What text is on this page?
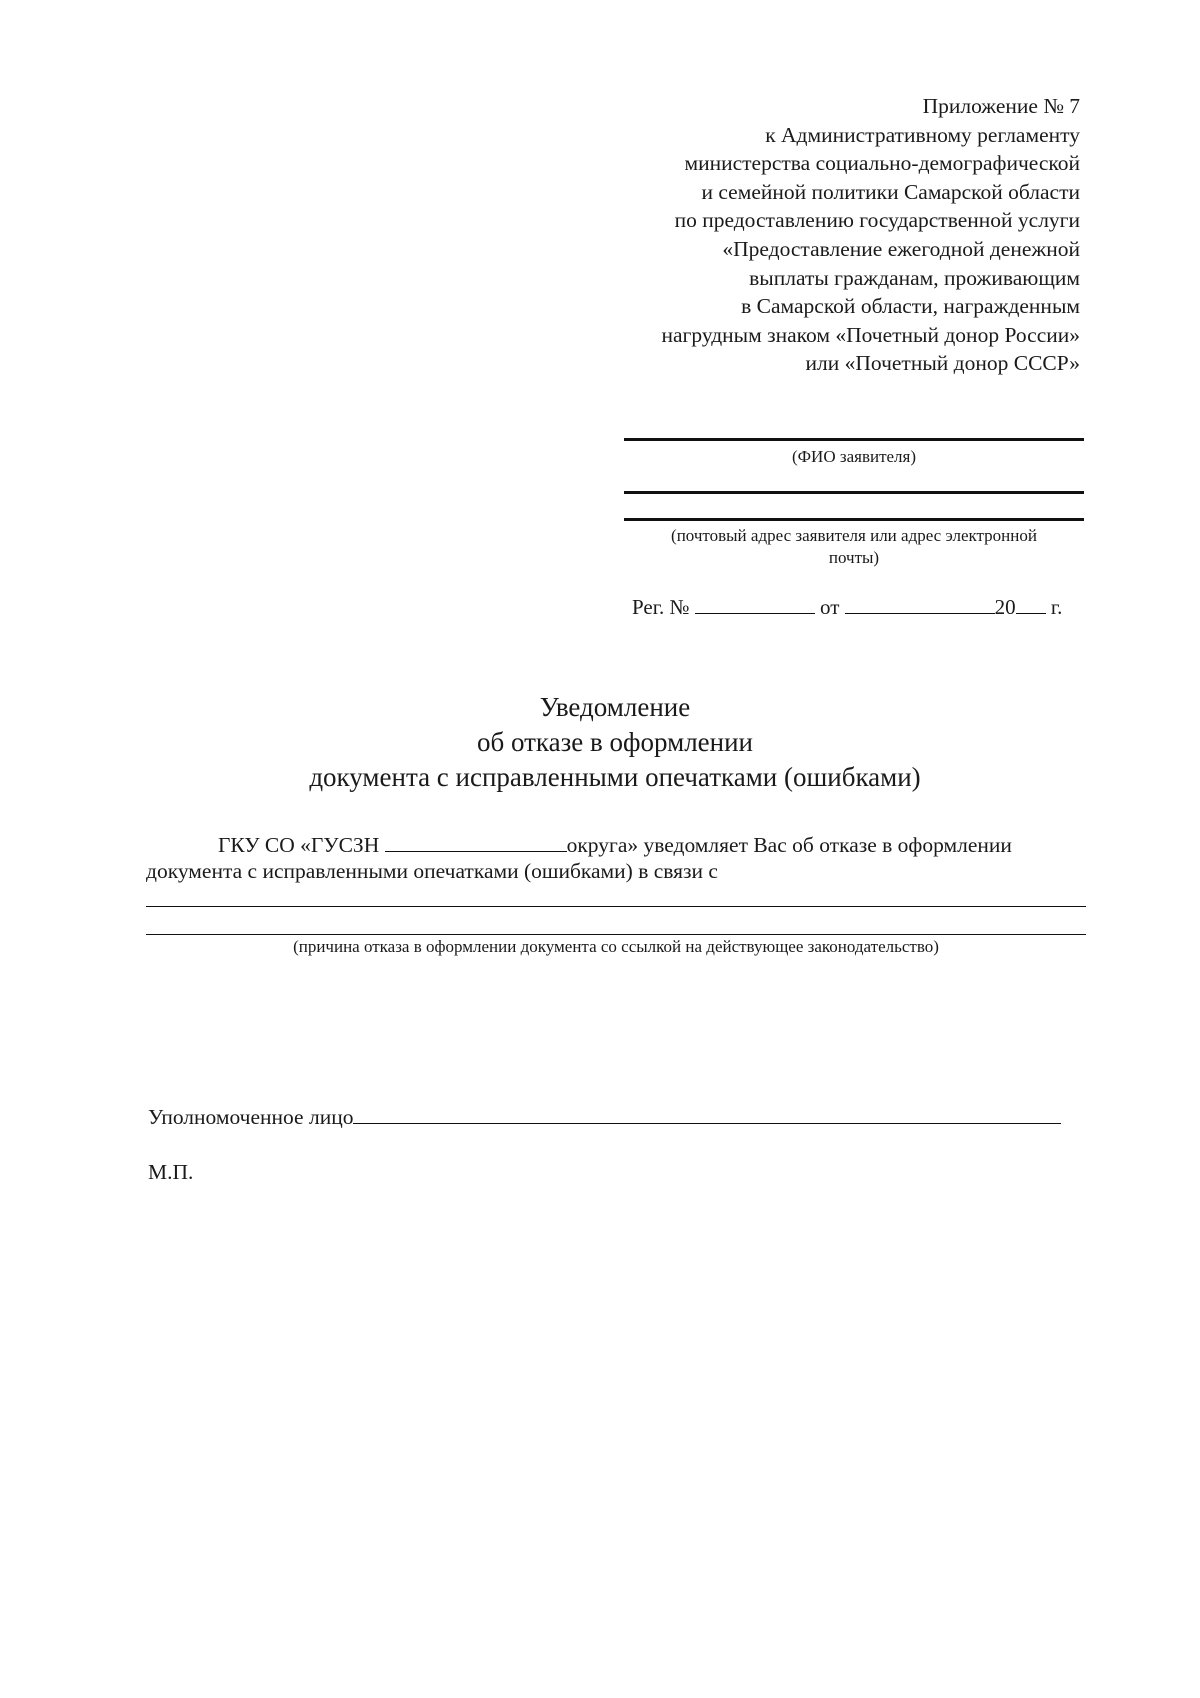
Приложение № 7
к Административному регламенту
министерства социально-демографической
и семейной политики Самарской области
по предоставлению государственной услуги
«Предоставление ежегодной денежной
выплаты гражданам, проживающим
в Самарской области, награжденным
нагрудным знаком «Почетный донор России»
или «Почетный донор СССР»
(ФИО заявителя)
(почтовый адрес заявителя или адрес электронной
почты)
Рег. №	от	20 г.
Уведомление
об отказе в оформлении
документа с исправленными опечатками (ошибками)
ГКУ СО «ГУСЗН	округа» уведомляет Вас об отказе в оформлении
документа с исправленными опечатками (ошибками) в связи с
(причина отказа в оформлении документа со ссылкой на действующее законодательство)
Уполномоченное лицо
М.П.
